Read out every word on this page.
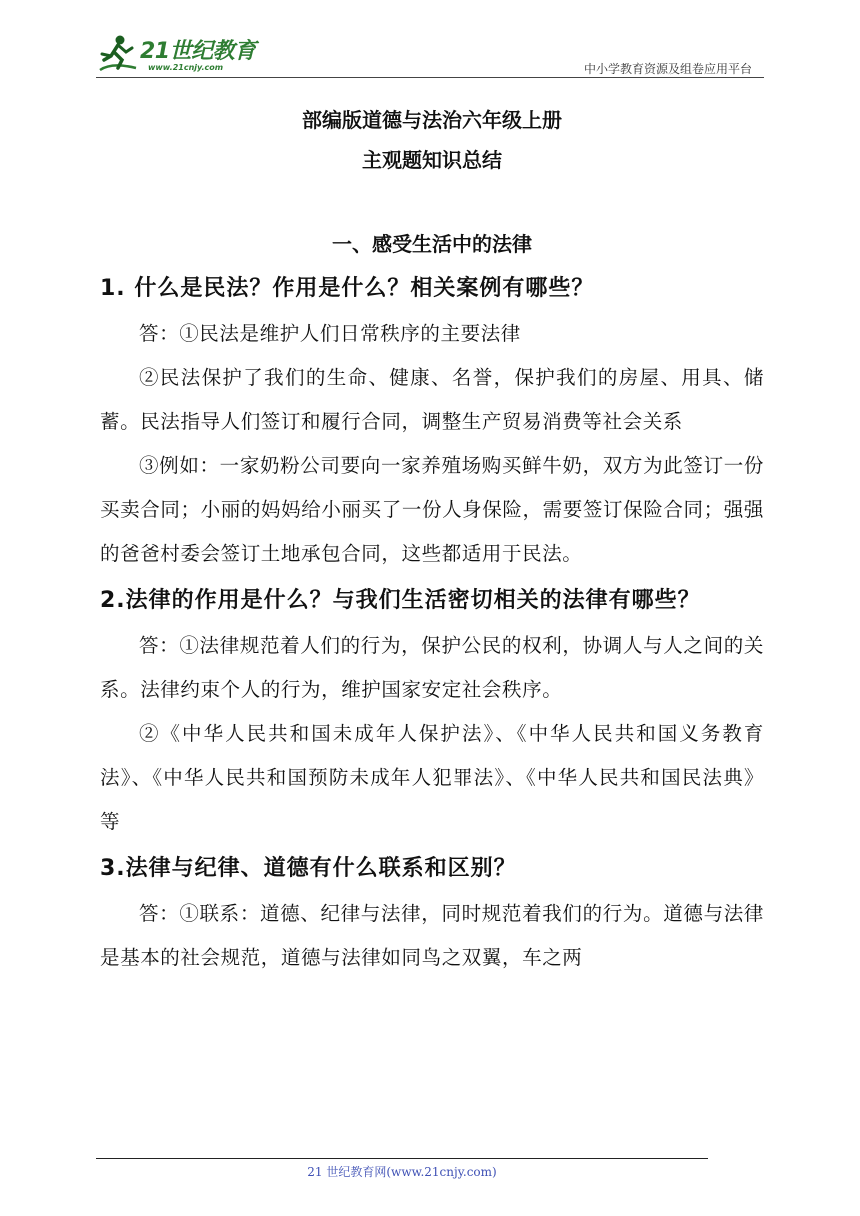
21世纪教育
www.21cnjy.com	中小学教育资源及组卷应用平台

部编版道德与法治六年级上册

主观题知识总结

一、感受生活中的法律

1. 什么是民法？作用是什么？相关案例有哪些？

答：①民法是维护人们日常秩序的主要法律

②民法保护了我们的生命、健康、名誉，保护我们的房屋、用具、储蓄。民法指导人们签订和履行合同，调整生产贸易消费等社会关系

③例如：一家奶粉公司要向一家养殖场购买鲜牛奶，双方为此签订一份买卖合同；小丽的妈妈给小丽买了一份人身保险，需要签订保险合同；强强的爸爸村委会签订土地承包合同，这些都适用于民法。

2.法律的作用是什么？与我们生活密切相关的法律有哪些？

答：①法律规范着人们的行为，保护公民的权利，协调人与人之间的关系。法律约束个人的行为，维护国家安定社会秩序。

②《中华人民共和国未成年人保护法》、《中华人民共和国义务教育法》、《中华人民共和国预防未成年人犯罪法》、《中华人民共和国民法典》等

3.法律与纪律、道德有什么联系和区别？

答：①联系：道德、纪律与法律，同时规范着我们的行为。道德与法律是基本的社会规范，道德与法律如同鸟之双翼，车之两

21 世纪教育网(www.21cnjy.com)
